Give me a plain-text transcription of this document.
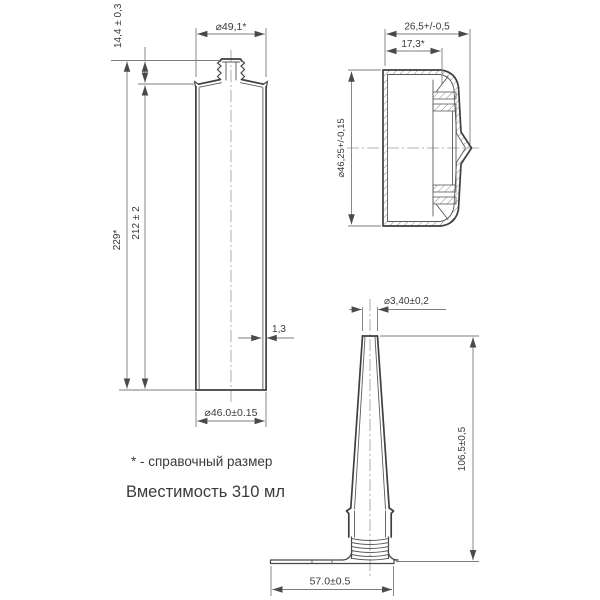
⌀49,1*
14,4 ± 0,3
229*
212 ± 2
1,3
⌀46.0±0.15
⌀46,25+/-0,15
26,5+/-0,5
17,3*
⌀3,40±0,2
106,5±0,5
57.0±0.5
* - справочный размер
Вместимость 310 мл
